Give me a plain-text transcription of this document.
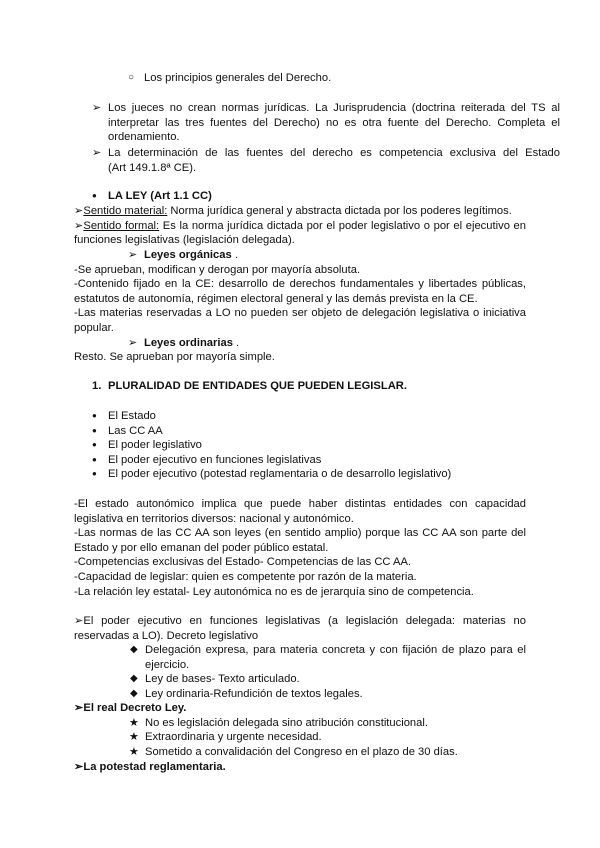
○ Los principios generales del Derecho.
➢ Los jueces no crean normas jurídicas. La Jurisprudencia (doctrina reiterada del TS al
interpretar las tres fuentes del Derecho) no es otra fuente del Derecho. Completa el
ordenamiento.
➢ La determinación de las fuentes del derecho es competencia exclusiva del Estado
(Art 149.1.8ª CE).
● LA LEY (Art 1.1 CC)
➢Sentido material: Norma jurídica general y abstracta dictada por los poderes legítimos.
➢Sentido formal: Es la norma jurídica dictada por el poder legislativo o por el ejecutivo en
funciones legislativas (legislación delegada).
➢ Leyes orgánicas .
-Se aprueban, modifican y derogan por mayoría absoluta.
-Contenido fijado en la CE: desarrollo de derechos fundamentales y libertades públicas,
estatutos de autonomía, régimen electoral general y las demás prevista en la CE.
-Las materias reservadas a LO no pueden ser objeto de delegación legislativa o iniciativa
popular.
➢ Leyes ordinarias .
Resto. Se aprueban por mayoría simple.
1. PLURALIDAD DE ENTIDADES QUE PUEDEN LEGISLAR.
● El Estado
● Las CC AA
● El poder legislativo
● El poder ejecutivo en funciones legislativas
● El poder ejecutivo (potestad reglamentaria o de desarrollo legislativo)
-El estado autonómico implica que puede haber distintas entidades con capacidad
legislativa en territorios diversos: nacional y autonómico.
-Las normas de las CC AA son leyes (en sentido amplio) porque las CC AA son parte del
Estado y por ello emanan del poder público estatal.
-Competencias exclusivas del Estado- Competencias de las CC AA.
-Capacidad de legislar: quien es competente por razón de la materia.
-La relación ley estatal- Ley autonómica no es de jerarquía sino de competencia.
➢El poder ejecutivo en funciones legislativas (a legislación delegada: materias no
reservadas a LO). Decreto legislativo
◆ Delegación expresa, para materia concreta y con fijación de plazo para el
ejercicio.
◆ Ley de bases- Texto articulado.
◆ Ley ordinaria-Refundición de textos legales.
➢El real Decreto Ley.
★ No es legislación delegada sino atribución constitucional.
★ Extraordinaria y urgente necesidad.
★ Sometido a convalidación del Congreso en el plazo de 30 días.
➢La potestad reglamentaria.
